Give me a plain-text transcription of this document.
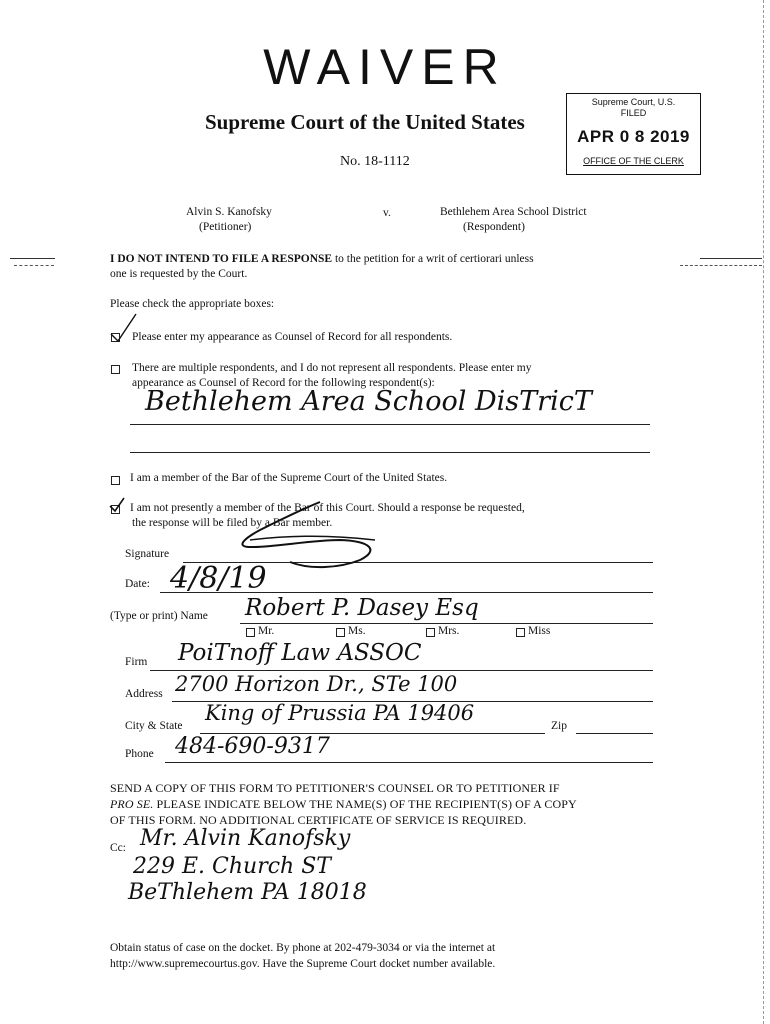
WAIVER
Supreme Court of the United States
No. 18-1112
Supreme Court, U.S.
FILED
APR 0 8 2019
OFFICE OF THE CLERK
Alvin S. Kanofsky
(Petitioner)
v.	Bethlehem Area School District
(Respondent)
I DO NOT INTEND TO FILE A RESPONSE to the petition for a writ of certiorari unless
one is requested by the Court.
Please check the appropriate boxes:
Please enter my appearance as Counsel of Record for all respondents.
There are multiple respondents, and I do not represent all respondents. Please enter my
appearance as Counsel of Record for the following respondent(s):
Bethlehem Area School DisTricT
I am a member of the Bar of the Supreme Court of the United States.
I am not presently a member of the Bar of this Court. Should a response be requested,
the response will be filed by a Bar member.
Signature
Date: 4/8/19
(Type or print) Name Robert P. Dasey Esq
Mr.	Ms.	Mrs.	Miss
Firm PoiTnoff Law ASSOC
Address 2700 Horizon Dr., STe 100
City & State
King of Prussia PA 19406
Zip
Phone 484-690-9317
SEND A COPY OF THIS FORM TO PETITIONER'S COUNSEL OR TO PETITIONER IF
PRO SE. PLEASE INDICATE BELOW THE NAME(S) OF THE RECIPIENT(S) OF A COPY
OF THIS FORM. NO ADDITIONAL CERTIFICATE OF SERVICE IS REQUIRED.
Cc: Mr. Alvin Kanofsky
229 E. Church ST
BeThlehem PA 18018
Obtain status of case on the docket. By phone at 202-479-3034 or via the internet at
http://www.supremecourtus.gov. Have the Supreme Court docket number available.
